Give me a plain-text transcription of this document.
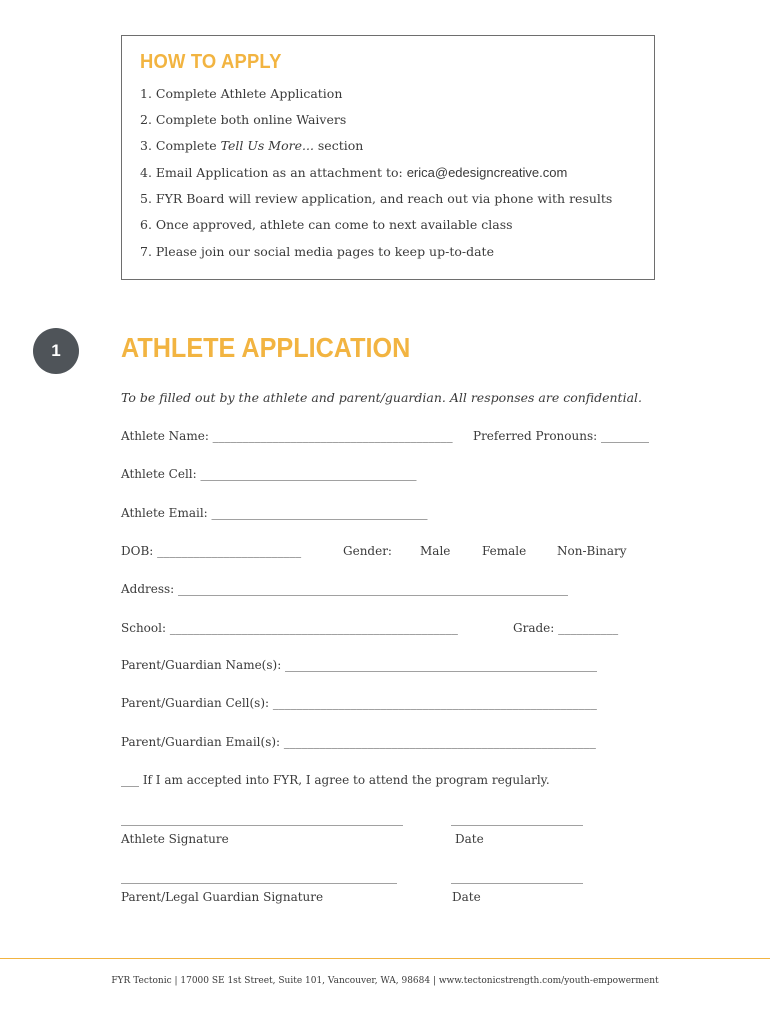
HOW TO APPLY
1. Complete Athlete Application
2. Complete both online Waivers
3. Complete Tell Us More... section
4. Email Application as an attachment to: erica@edesigncreative.com
5. FYR Board will review application, and reach out via phone with results
6. Once approved, athlete can come to next available class
7. Please join our social media pages to keep up-to-date
1	ATHLETE APPLICATION
To be filled out by the athlete and parent/guardian. All responses are confidential.
Athlete Name: ________________________________________ Preferred Pronouns: ________
Athlete Cell: ____________________________________
Athlete Email: ____________________________________
DOB: ________________________	Gender: Male	Female	Non-Binary
Address: _________________________________________________________________
School: ________________________________________________	Grade: __________
Parent/Guardian Name(s): ____________________________________________________
Parent/Guardian Cell(s): ______________________________________________________
Parent/Guardian Email(s): ____________________________________________________
___ If I am accepted into FYR, I agree to attend the program regularly.
_______________________________________________	______________________
Athlete Signature	Date
______________________________________________	______________________
Parent/Legal Guardian Signature	Date
FYR Tectonic | 17000 SE 1st Street, Suite 101, Vancouver, WA, 98684 | www.tectonicstrength.com/youth-empowerment
